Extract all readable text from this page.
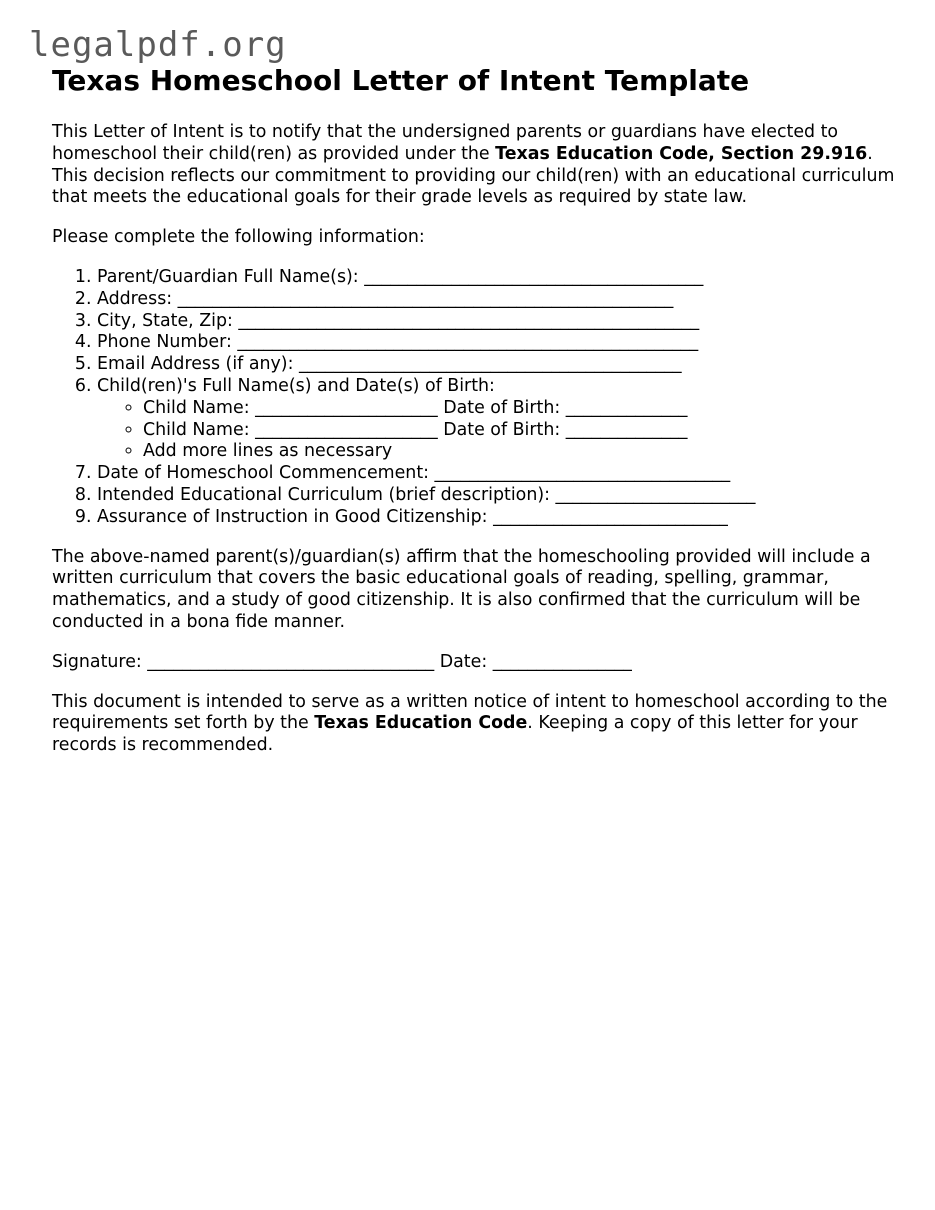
legalpdf.org
Texas Homeschool Letter of Intent Template

This Letter of Intent is to notify that the undersigned parents or guardians have elected to homeschool their child(ren) as provided under the Texas Education Code, Section 29.916. This decision reflects our commitment to providing our child(ren) with an educational curriculum that meets the educational goals for their grade levels as required by state law.

Please complete the following information:

1. Parent/Guardian Full Name(s): _______________________________________
2. Address: _________________________________________________________
3. City, State, Zip: _____________________________________________________
4. Phone Number: _____________________________________________________
5. Email Address (if any): ____________________________________________
6. Child(ren)'s Full Name(s) and Date(s) of Birth:
◦ Child Name: _____________________ Date of Birth: ______________
◦ Child Name: _____________________ Date of Birth: ______________
◦ Add more lines as necessary
7. Date of Homeschool Commencement: __________________________________
8. Intended Educational Curriculum (brief description): _______________________
9. Assurance of Instruction in Good Citizenship: ___________________________

The above-named parent(s)/guardian(s) affirm that the homeschooling provided will include a written curriculum that covers the basic educational goals of reading, spelling, grammar, mathematics, and a study of good citizenship. It is also confirmed that the curriculum will be conducted in a bona fide manner.

Signature: _________________________________ Date: ________________

This document is intended to serve as a written notice of intent to homeschool according to the requirements set forth by the Texas Education Code. Keeping a copy of this letter for your records is recommended.
